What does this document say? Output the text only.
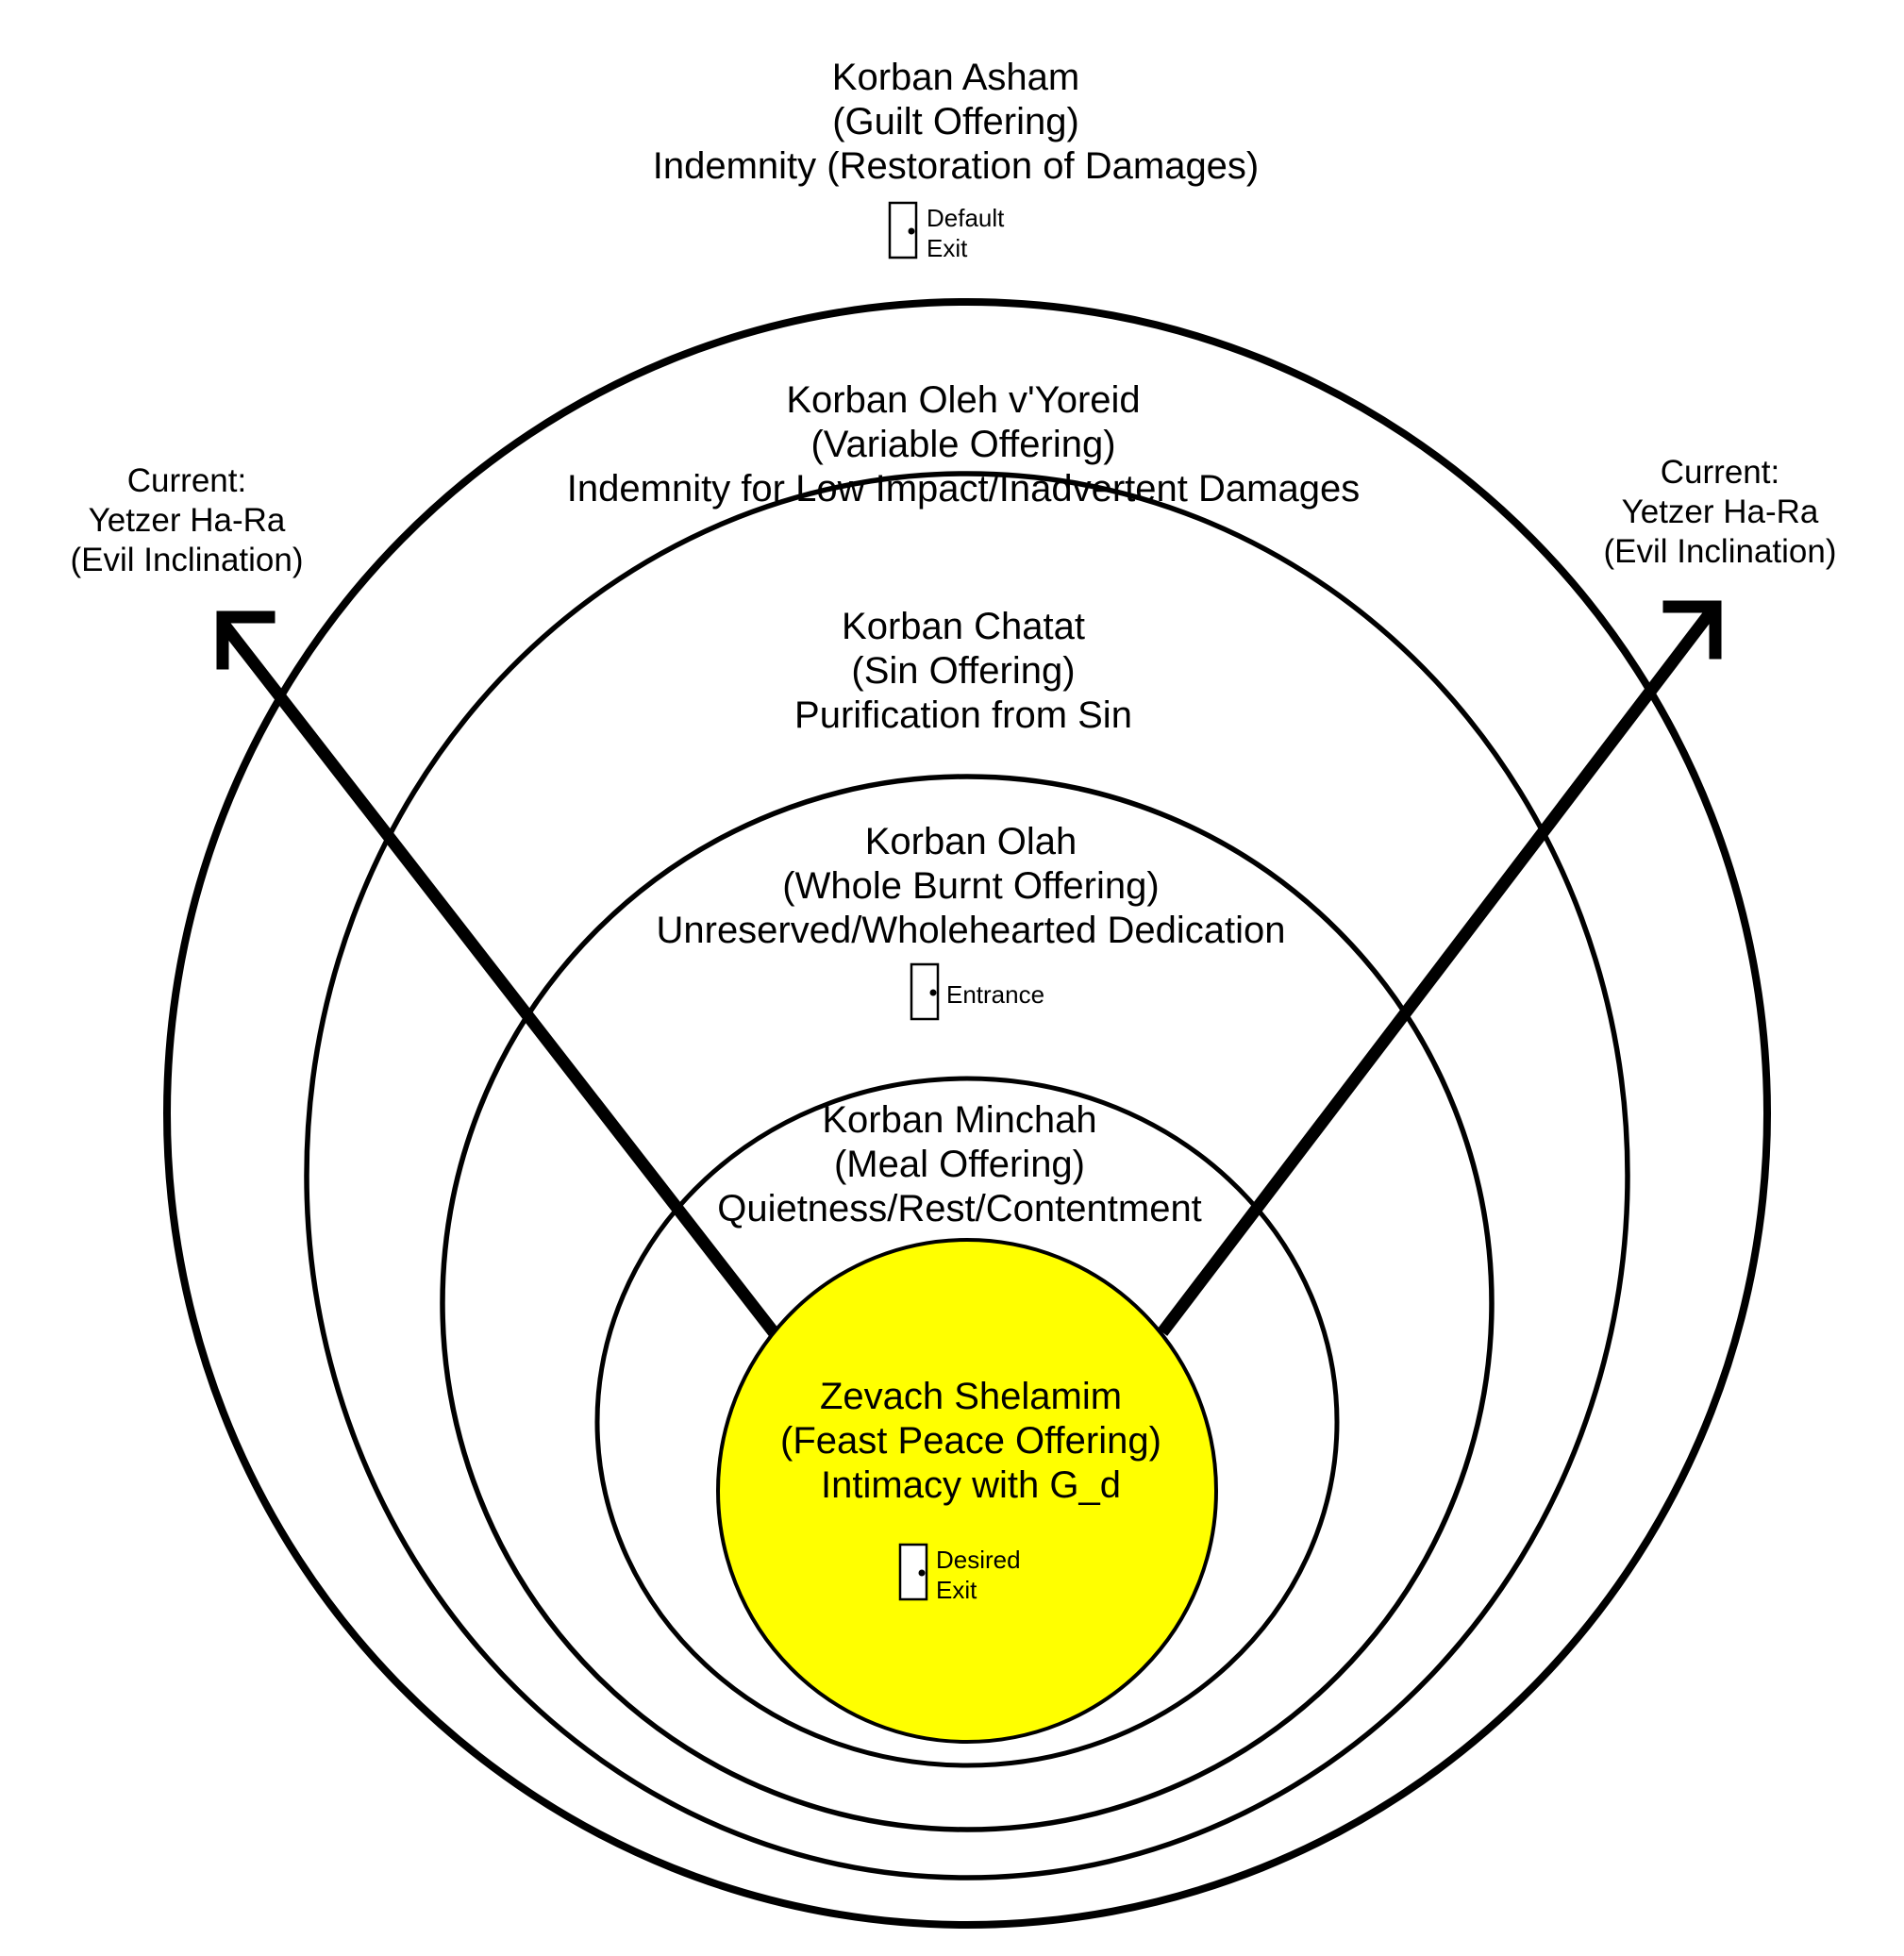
Korban Asham
(Guilt Offering)
Indemnity (Restoration of Damages)
Korban Oleh v'Yoreid
(Variable Offering)
Indemnity for Low Impact/Inadvertent Damages
Korban Chatat
(Sin Offering)
Purification from Sin
Korban Olah
(Whole Burnt Offering)
Unreserved/Wholehearted Dedication
Korban Minchah
(Meal Offering)
Quietness/Rest/Contentment
Zevach Shelamim
(Feast Peace Offering)
Intimacy with G_d
Current:
Yetzer Ha-Ra
(Evil Inclination)
Current:
Yetzer Ha-Ra
(Evil Inclination)
Default
Exit
Entrance
Desired
Exit
